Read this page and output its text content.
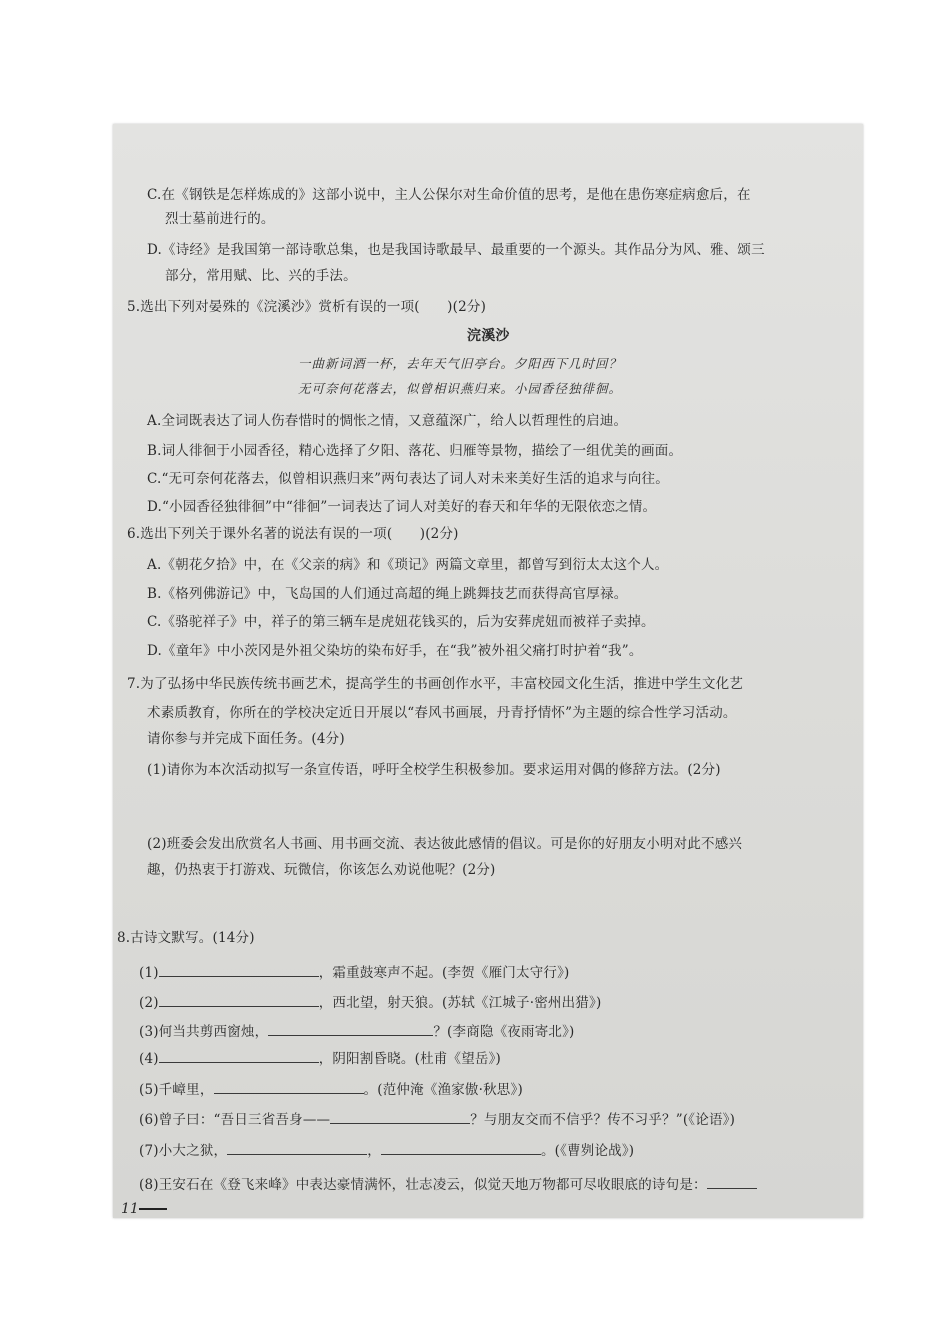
C.在《钢铁是怎样炼成的》这部小说中，主人公保尔对生命价值的思考，是他在患伤寒症病愈后，在
烈士墓前进行的。
D.《诗经》是我国第一部诗歌总集，也是我国诗歌最早、最重要的一个源头。其作品分为风、雅、颂三
部分，常用赋、比、兴的手法。
5.选出下列对晏殊的《浣溪沙》赏析有误的一项(　　)(2分)
浣溪沙
一曲新词酒一杯，去年天气旧亭台。夕阳西下几时回？
无可奈何花落去，似曾相识燕归来。小园香径独徘徊。
A.全词既表达了词人伤春惜时的惆怅之情，又意蕴深广，给人以哲理性的启迪。
B.词人徘徊于小园香径，精心选择了夕阳、落花、归雁等景物，描绘了一组优美的画面。
C.“无可奈何花落去，似曾相识燕归来”两句表达了词人对未来美好生活的追求与向往。
D.“小园香径独徘徊”中“徘徊”一词表达了词人对美好的春天和年华的无限依恋之情。
6.选出下列关于课外名著的说法有误的一项(　　)(2分)
A.《朝花夕拾》中，在《父亲的病》和《琐记》两篇文章里，都曾写到衍太太这个人。
B.《格列佛游记》中，飞岛国的人们通过高超的绳上跳舞技艺而获得高官厚禄。
C.《骆驼祥子》中，祥子的第三辆车是虎妞花钱买的，后为安葬虎妞而被祥子卖掉。
D.《童年》中小茨冈是外祖父染坊的染布好手，在“我”被外祖父痛打时护着“我”。
7.为了弘扬中华民族传统书画艺术，提高学生的书画创作水平，丰富校园文化生活，推进中学生文化艺
术素质教育，你所在的学校决定近日开展以“春风书画展，丹青抒情怀”为主题的综合性学习活动。
请你参与并完成下面任务。(4分)
(1)请你为本次活动拟写一条宣传语，呼吁全校学生积极参加。要求运用对偶的修辞方法。(2分)
(2)班委会发出欣赏名人书画、用书画交流、表达彼此感情的倡议。可是你的好朋友小明对此不感兴
趣，仍热衷于打游戏、玩微信，你该怎么劝说他呢？(2分)
8.古诗文默写。(14分)
(1)	，霜重鼓寒声不起。(李贺《雁门太守行》)
(2)	，西北望，射天狼。(苏轼《江城子·密州出猎》)
(3)何当共剪西窗烛，	？(李商隐《夜雨寄北》)
(4)	，阴阳割昏晓。(杜甫《望岳》)
(5)千嶂里，	。(范仲淹《渔家傲·秋思》)
(6)曾子曰：“吾日三省吾身——	？与朋友交而不信乎？传不习乎？”(《论语》)
(7)小大之狱，	，	。(《曹刿论战》)
(8)王安石在《登飞来峰》中表达豪情满怀，壮志凌云，似觉天地万物都可尽收眼底的诗句是：
11
